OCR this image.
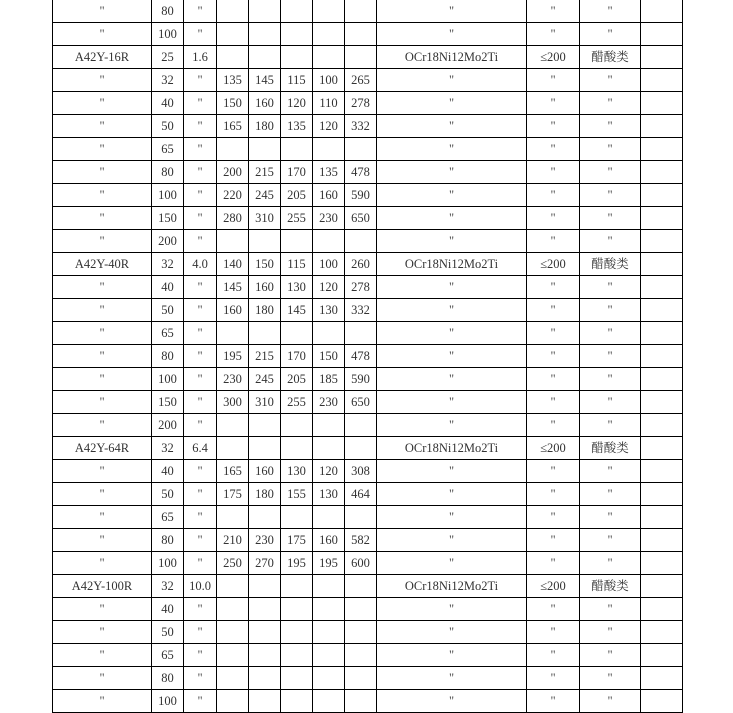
"	80	"						"	"	"	
"	100	"						"	"	"	
A42Y-16R	25	1.6						OCr18Ni12Mo2Ti	≤200	醋酸类	
"	32	"	135	145	115	100	265	"	"	"	
"	40	"	150	160	120	110	278	"	"	"	
"	50	"	165	180	135	120	332	"	"	"	
"	65	"						"	"	"	
"	80	"	200	215	170	135	478	"	"	"	
"	100	"	220	245	205	160	590	"	"	"	
"	150	"	280	310	255	230	650	"	"	"	
"	200	"						"	"	"	
A42Y-40R	32	4.0	140	150	115	100	260	OCr18Ni12Mo2Ti	≤200	醋酸类	
"	40	"	145	160	130	120	278	"	"	"	
"	50	"	160	180	145	130	332	"	"	"	
"	65	"						"	"	"	
"	80	"	195	215	170	150	478	"	"	"	
"	100	"	230	245	205	185	590	"	"	"	
"	150	"	300	310	255	230	650	"	"	"	
"	200	"						"	"	"	
A42Y-64R	32	6.4						OCr18Ni12Mo2Ti	≤200	醋酸类	
"	40	"	165	160	130	120	308	"	"	"	
"	50	"	175	180	155	130	464	"	"	"	
"	65	"						"	"	"	
"	80	"	210	230	175	160	582	"	"	"	
"	100	"	250	270	195	195	600	"	"	"	
A42Y-100R	32	10.0						OCr18Ni12Mo2Ti	≤200	醋酸类	
"	40	"						"	"	"	
"	50	"						"	"	"	
"	65	"						"	"	"	
"	80	"						"	"	"	
"	100	"						"	"	"	
